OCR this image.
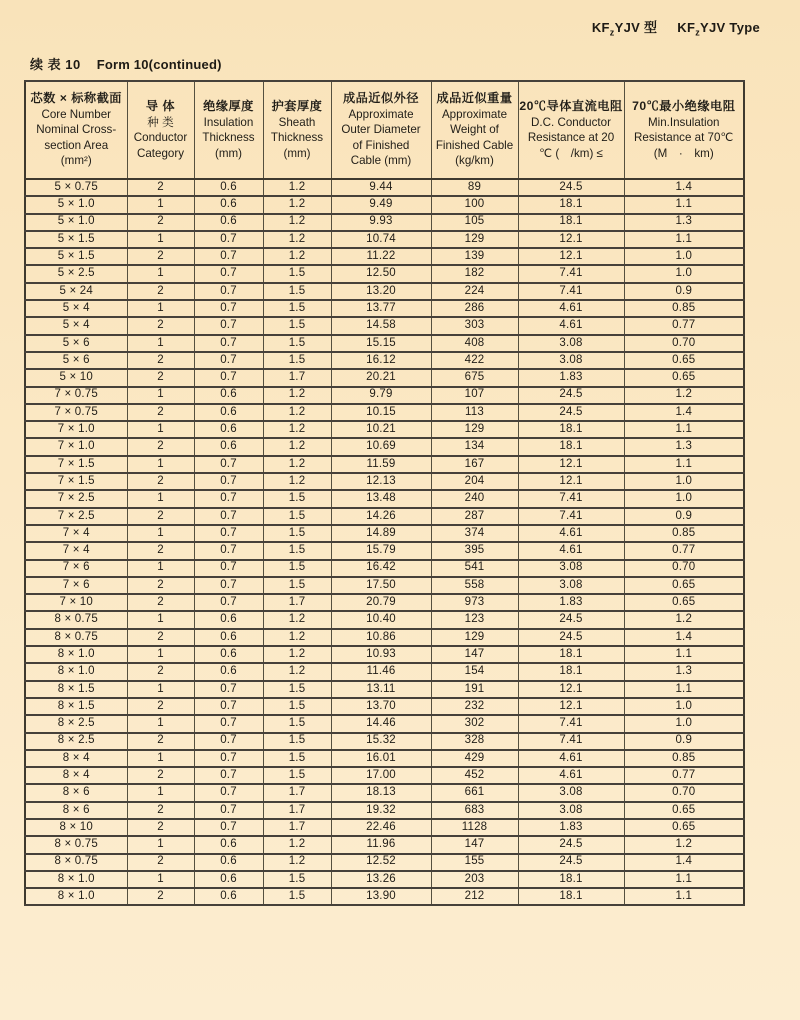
$KF_zYJV$ 型 $KF_zYJV$ Type
续 表 10 Form 10(continued)
芯数 × 标称截面
Core Number
Nominal Cross-
section Area
(mm²)

导 体
种 类
Conductor
Category

绝缘厚度
Insulation
Thickness
(mm)

护套厚度
Sheath
Thickness
(mm)

成品近似外径
Approximate
Outer Diameter
of Finished
Cable (mm)

成品近似重量
Approximate
Weight of
Finished Cable
(kg/km)

20℃导体直流电阻
D.C. Conductor
Resistance at 20
℃ (　/km) ≤

70℃最小绝缘电阻
Min.Insulation
Resistance at 70℃
(M　·　km)

5 × 0.75	2	0.6	1.2	9.44	89	24.5	1.4
5 × 1.0	1	0.6	1.2	9.49	100	18.1	1.1
5 × 1.0	2	0.6	1.2	9.93	105	18.1	1.3
5 × 1.5	1	0.7	1.2	10.74	129	12.1	1.1
5 × 1.5	2	0.7	1.2	11.22	139	12.1	1.0
5 × 2.5	1	0.7	1.5	12.50	182	7.41	1.0
5 × 24	2	0.7	1.5	13.20	224	7.41	0.9
5 × 4	1	0.7	1.5	13.77	286	4.61	0.85
5 × 4	2	0.7	1.5	14.58	303	4.61	0.77
5 × 6	1	0.7	1.5	15.15	408	3.08	0.70
5 × 6	2	0.7	1.5	16.12	422	3.08	0.65
5 × 10	2	0.7	1.7	20.21	675	1.83	0.65
7 × 0.75	1	0.6	1.2	9.79	107	24.5	1.2
7 × 0.75	2	0.6	1.2	10.15	113	24.5	1.4
7 × 1.0	1	0.6	1.2	10.21	129	18.1	1.1
7 × 1.0	2	0.6	1.2	10.69	134	18.1	1.3
7 × 1.5	1	0.7	1.2	11.59	167	12.1	1.1
7 × 1.5	2	0.7	1.2	12.13	204	12.1	1.0
7 × 2.5	1	0.7	1.5	13.48	240	7.41	1.0
7 × 2.5	2	0.7	1.5	14.26	287	7.41	0.9
7 × 4	1	0.7	1.5	14.89	374	4.61	0.85
7 × 4	2	0.7	1.5	15.79	395	4.61	0.77
7 × 6	1	0.7	1.5	16.42	541	3.08	0.70
7 × 6	2	0.7	1.5	17.50	558	3.08	0.65
7 × 10	2	0.7	1.7	20.79	973	1.83	0.65
8 × 0.75	1	0.6	1.2	10.40	123	24.5	1.2
8 × 0.75	2	0.6	1.2	10.86	129	24.5	1.4
8 × 1.0	1	0.6	1.2	10.93	147	18.1	1.1
8 × 1.0	2	0.6	1.2	11.46	154	18.1	1.3
8 × 1.5	1	0.7	1.5	13.11	191	12.1	1.1
8 × 1.5	2	0.7	1.5	13.70	232	12.1	1.0
8 × 2.5	1	0.7	1.5	14.46	302	7.41	1.0
8 × 2.5	2	0.7	1.5	15.32	328	7.41	0.9
8 × 4	1	0.7	1.5	16.01	429	4.61	0.85
8 × 4	2	0.7	1.5	17.00	452	4.61	0.77
8 × 6	1	0.7	1.7	18.13	661	3.08	0.70
8 × 6	2	0.7	1.7	19.32	683	3.08	0.65
8 × 10	2	0.7	1.7	22.46	1128	1.83	0.65
8 × 0.75	1	0.6	1.2	11.96	147	24.5	1.2
8 × 0.75	2	0.6	1.2	12.52	155	24.5	1.4
8 × 1.0	1	0.6	1.5	13.26	203	18.1	1.1
8 × 1.0	2	0.6	1.5	13.90	212	18.1	1.1
